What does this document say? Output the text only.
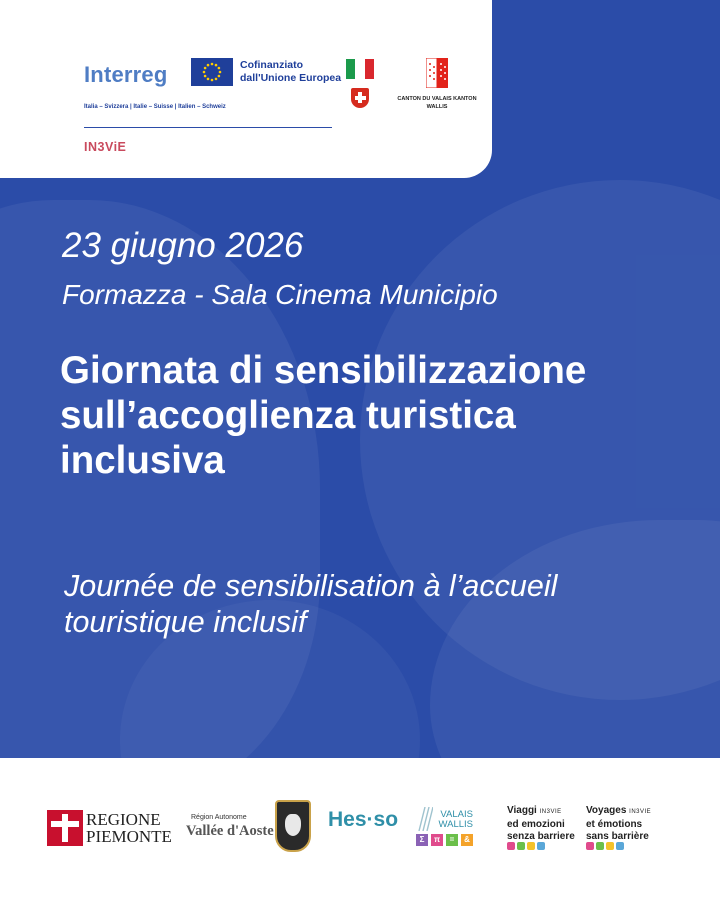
Interreg	Cofinanziato dall'Unione Europea
Italia – Svizzera | Italie – Suisse | Italien – Schweiz
IN3ViE
CANTON DU VALAIS KANTON WALLIS
23 giugno 2026
Formazza - Sala Cinema Municipio
Giornata di sensibilizzazione sull’accoglienza turistica inclusiva
Journée de sensibilisation à l’accueil touristique inclusif
REGIONE PIEMONTE
Région Autonome
Vallée d'Aoste	Hes·so	VALAIS WALLIS
Σ	π	=	&
Viaggi IN3VIE
ed emozioni senza barriere
Voyages IN3VIE
et émotions sans barrière
